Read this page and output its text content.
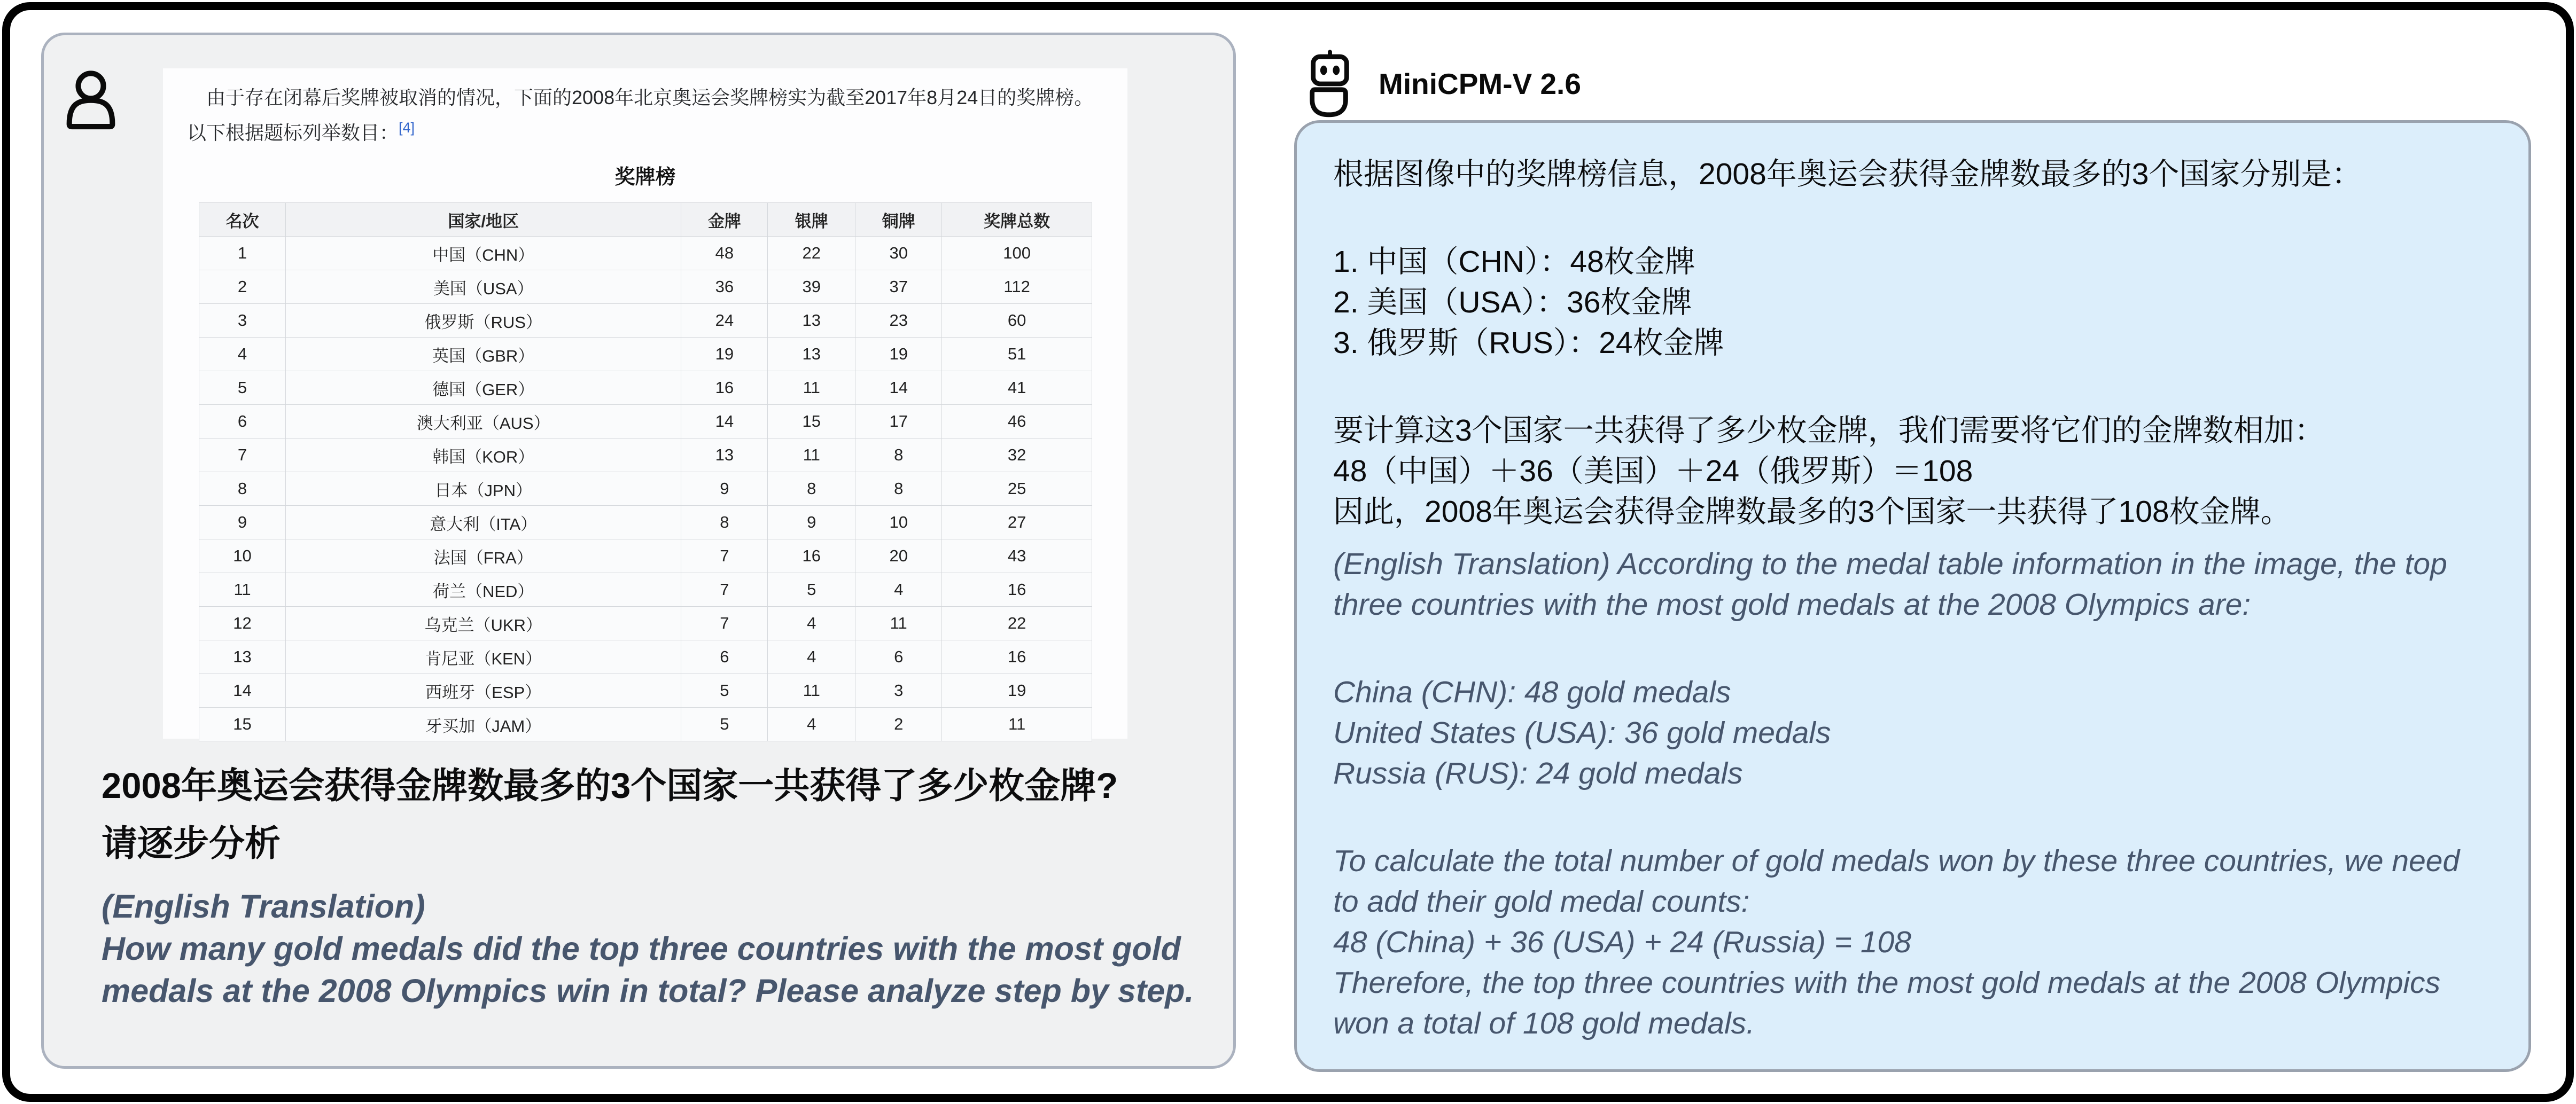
由于存在闭幕后奖牌被取消的情况，下面的2008年北京奥运会奖牌榜实为截至2017年8月24日的奖牌榜。以下根据题标列举数目：[4]

奖牌榜

名次	国家/地区	金牌	银牌	铜牌	奖牌总数
1	中国（CHN）	48	22	30	100
2	美国（USA）	36	39	37	112
3	俄罗斯（RUS）	24	13	23	60
4	英国（GBR）	19	13	19	51
5	德国（GER）	16	11	14	41
6	澳大利亚（AUS）	14	15	17	46
7	韩国（KOR）	13	11	8	32
8	日本（JPN）	9	8	8	25
9	意大利（ITA）	8	9	10	27
10	法国（FRA）	7	16	20	43
11	荷兰（NED）	7	5	4	16
12	乌克兰（UKR）	7	4	11	22
13	肯尼亚（KEN）	6	4	6	16
14	西班牙（ESP）	5	11	3	19
15	牙买加（JAM）	5	4	2	11
2008年奥运会获得金牌数最多的3个国家一共获得了多少枚金牌?
请逐步分析
(English Translation)
How many gold medals did the top three countries with the most gold medals at the 2008 Olympics win in total? Please analyze step by step.
MiniCPM-V 2.6

根据图像中的奖牌榜信息，2008年奥运会获得金牌数最多的3个国家分别是：

1. 中国（CHN）：48枚金牌
2. 美国（USA）：36枚金牌
3. 俄罗斯（RUS）：24枚金牌

要计算这3个国家一共获得了多少枚金牌，我们需要将它们的金牌数相加：

48（中国）＋36（美国）＋24（俄罗斯）＝108

因此，2008年奥运会获得金牌数最多的3个国家一共获得了108枚金牌。

(English Translation) According to the medal table information in the image, the top three countries with the most gold medals at the 2008 Olympics are:

China (CHN): 48 gold medals
United States (USA): 36 gold medals
Russia (RUS): 24 gold medals

To calculate the total number of gold medals won by these three countries, we need to add their gold medal counts:

48 (China) + 36 (USA) + 24 (Russia) = 108

Therefore, the top three countries with the most gold medals at the 2008 Olympics won a total of 108 gold medals.
